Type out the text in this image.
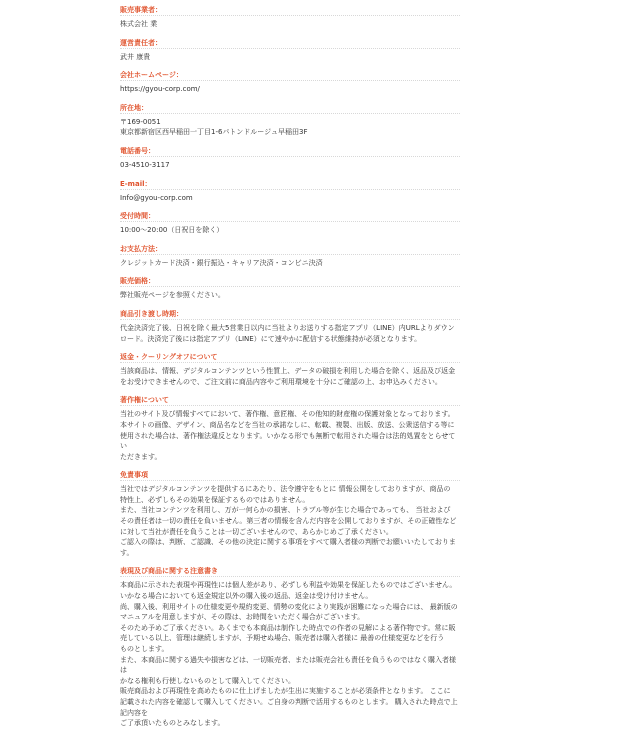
販売事業者：

株式会社 業

運営責任者：

武井 康貴

会社ホームページ：

https://gyou-corp.com/

所在地：

〒169-0051

東京都新宿区西早稲田一丁目1-6パトンドルージュ早稲田3F

電話番号：

03-4510-3117

E-mail：

Info@gyou-corp.com

受付時間：

10:00～20:00（日祝日を除く）

お支払方法：

クレジットカード決済・銀行振込・キャリア決済・コンビニ決済

販売価格：

弊社販売ページを参照ください。

商品引き渡し時期：

代金決済完了後、日祝を除く最大5営業日以内に当社よりお送りする指定アプリ（LINE）内URLよりダウン

ロード。決済完了後には指定アプリ（LINE）にて速やかに配信する状態維持が必須となります。

返金・クーリングオフについて

当該商品は、情報、デジタルコンテンツという性質上、データの破損を利用した場合を除く、返品及び返金

をお受けできませんので、ご注文前に商品内容やご利用環境を十分にご確認の上、お申込みください。

著作権について

当社のサイト及び情報すべてにおいて、著作権、意匠権、その他知的財産権の保護対象となっております。

本サイトの画像、デザイン、商品名などを当社の承諾なしに、転載、複製、出版、放送、公衆送信する等に

使用された場合は、著作権法違反となります。いかなる形でも無断で転用された場合は法的処置をとらせてい

ただきます。

免責事項

当社ではデジタルコンテンツを提供するにあたり、法令遵守をもとに 情報公開をしておりますが、商品の

特性上、必ずしもその効果を保証するものではありません。

また、当社コンテンツを利用し、万が一何らかの損害、トラブル等が生じた場合であっても、 当社および

その責任者は一切の責任を負いません。第三者の情報を含んだ内容を公開しておりますが、その正確性など

に対して当社が責任を負うことは一切ございませんので、あらかじめご了承ください。

ご認入の際は、判断、ご認識、その他の決定に関する事項をすべて購入者様の判断でお願いいたしておりま

す。

表現及び商品に関する注意書き

本商品に示された表現や再現性には個人差があり、必ずしも利益や効果を保証したものではございません。

いかなる場合においても返金規定以外の購入後の返品、返金は受け付けません。

尚、購入後、利用サイトの仕様変更や規約変更、情勢の変化により実践が困難になった場合には、 最新版の

マニュアルを用意しますが、その際は、お時間をいただく場合がございます。

そのため予めご了承ください。あくまでも本商品は制作した時点での作者の見解による著作物です。常に販

売している以上、管理は継続しますが、予期せぬ場合、販売者は購入者様に 最善の仕様変更などを行う

ものとします。

また、本商品に関する過失や損害などは、一切販売者、または販売会社も責任を負うものではなく購入者様は

かなる権利も行使しないものとして購入してください。

販売商品および再現性を高めたものに仕上げましたが生出に実施することが必須条件となります。 ここに

記載された内容を確認して購入してください。ご自身の判断で活用するものとします。 購入された時点で上記内容を

ご了承頂いたものとみなします。
